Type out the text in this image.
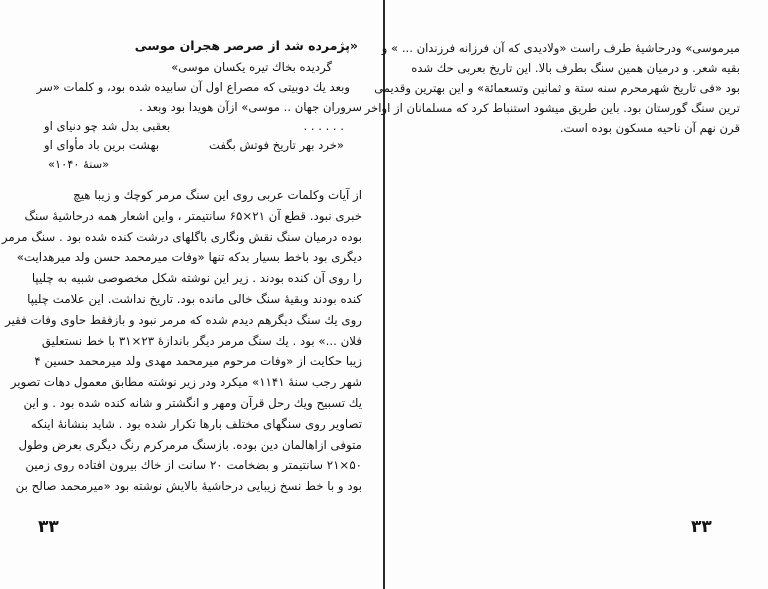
«پژمرده شد از صرصر هجران موسی
گردیده بخاك تیره یکسان موسی»
وبعد یك دوبیتی که مصراع اول آن سابیده شده بود، و کلمات «سر
سروران جهان .. موسی» ازآن هویدا بود وبعد .
. . . . . .
بعقبی بدل شد چو دنیای او
«خرد بهر تاریخ فوتش بگفت
بهشت برین باد مأوای او
«سنهٔ ۱۰۴۰»
از آیات وکلمات عربی روی این سنگ مرمر کوچك و زیبا هیچ
خبری نبود. قطع آن ۲۱×۶۵ سانتیمتر ، واین اشعار همه درحاشیهٔ سنگ
بوده درمیان سنگ نقش ونگاری باگلهای درشت کنده شده بود . سنگ مرمر
دیگری بود باخط بسیار بدکه تنها «وفات میرمحمد حسن ولد میرهدایت»
را روی آن کنده بودند . زیر این نوشته شکل مخصوصی شبیه به چلیپا
کنده بودند وبقیهٔ سنگ خالی مانده بود. تاریخ نداشت. این علامت چلیپا
روی یك سنگ دیگرهم دیدم شده که مرمر نبود و بازفقط حاوی وفات فقیر
فلان ...» بود . یك سنگ مرمر دیگر باندازهٔ ۲۳×۳۱ با خط نستعلیق
زیبا حکایت از «وفات مرحوم میرمحمد مهدی ولد میرمحمد حسین ۴
شهر رجب سنهٔ ۱۱۴۱» میکرد ودر زیر نوشته مطابق معمول دهات تصویر
یك تسبیح ویك رحل قرآن ومهر و انگشتر و شانه کنده شده بود . و این
تصاویر روی سنگهای مختلف بارها تکرار شده بود . شاید بنشانهٔ اینکه
متوفی ازاهالمان دین بوده. بازسنگ مرمرکرم رنگ دیگری بعرض وطول
۵۰×۲۱ سانتیمتر و بضخامت ۲۰ سانت از خاك بیرون افتاده روی زمین
بود و با خط نسخ زیبایی درحاشیهٔ بالایش نوشته بود «میرمحمد صالح بن
۳۳
میرموسی» ودرحاشیهٔ طرف راست «ولادیدی که آن فرزانه فرزندان ... » و
بقیه شعر. و درمیان همین سنگ بطرف بالا. این تاریخ بعربی حك شده
بود «فی تاریخ شهرمحرم سنه ستة و ثمانین وتسعمائة» و این بهترین وقدیمی
ترین سنگ گورستان بود. باین طریق میشود استنباط کرد که مسلمانان از اواخر
قرن نهم آن ناحیه مسکون بوده است.
۳۳
